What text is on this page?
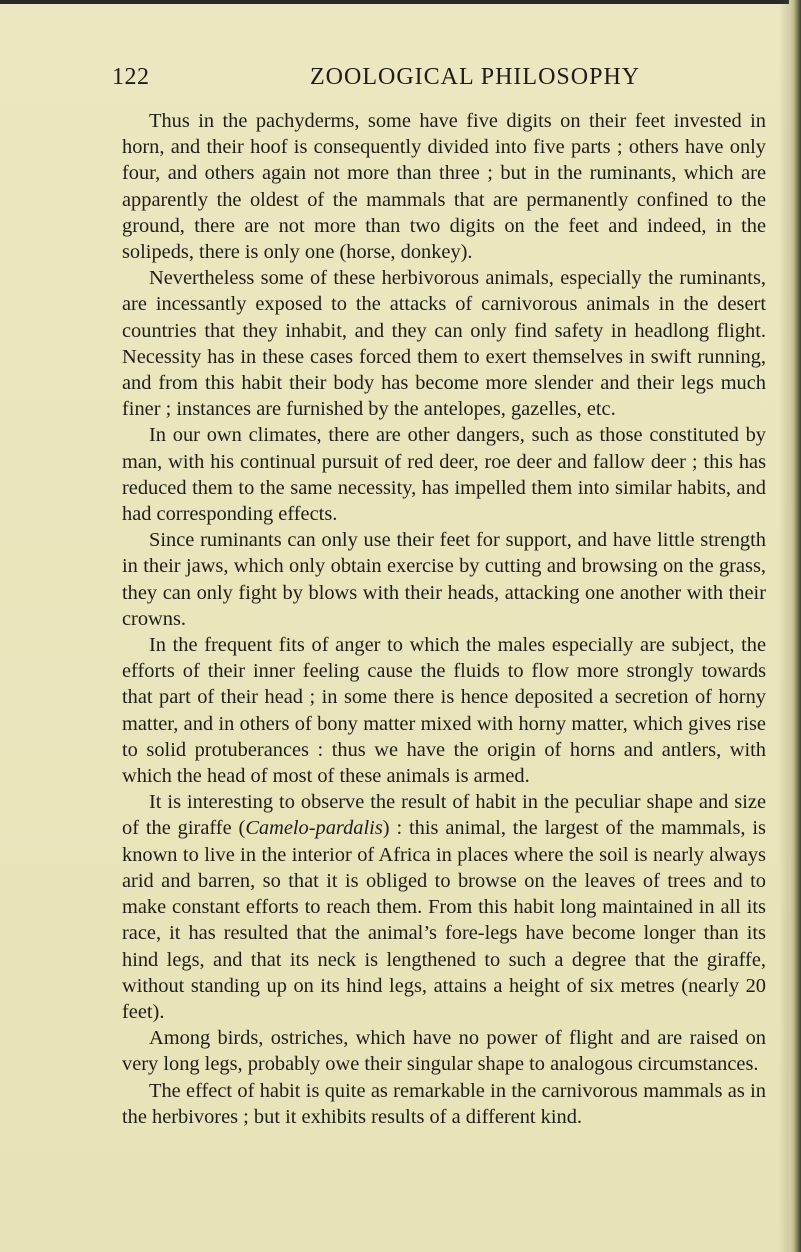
122	ZOOLOGICAL PHILOSOPHY

Thus in the pachyderms, some have five digits on their feet invested in horn, and their hoof is consequently divided into five parts ; others have only four, and others again not more than three ; but in the ruminants, which are apparently the oldest of the mammals that are permanently confined to the ground, there are not more than two digits on the feet and indeed, in the solipeds, there is only one (horse, donkey).

Nevertheless some of these herbivorous animals, especially the ruminants, are incessantly exposed to the attacks of carnivorous animals in the desert countries that they inhabit, and they can only find safety in headlong flight. Necessity has in these cases forced them to exert themselves in swift running, and from this habit their body has become more slender and their legs much finer ; instances are furnished by the antelopes, gazelles, etc.

In our own climates, there are other dangers, such as those constituted by man, with his continual pursuit of red deer, roe deer and fallow deer ; this has reduced them to the same necessity, has impelled them into similar habits, and had corresponding effects.

Since ruminants can only use their feet for support, and have little strength in their jaws, which only obtain exercise by cutting and browsing on the grass, they can only fight by blows with their heads, attacking one another with their crowns.

In the frequent fits of anger to which the males especially are subject, the efforts of their inner feeling cause the fluids to flow more strongly towards that part of their head ; in some there is hence deposited a secretion of horny matter, and in others of bony matter mixed with horny matter, which gives rise to solid protuberances : thus we have the origin of horns and antlers, with which the head of most of these animals is armed.

It is interesting to observe the result of habit in the peculiar shape and size of the giraffe (Camelo-pardalis) : this animal, the largest of the mammals, is known to live in the interior of Africa in places where the soil is nearly always arid and barren, so that it is obliged to browse on the leaves of trees and to make constant efforts to reach them. From this habit long maintained in all its race, it has resulted that the animal’s fore-legs have become longer than its hind legs, and that its neck is lengthened to such a degree that the giraffe, without standing up on its hind legs, attains a height of six metres (nearly 20 feet).

Among birds, ostriches, which have no power of flight and are raised on very long legs, probably owe their singular shape to analogous circumstances.

The effect of habit is quite as remarkable in the carnivorous mammals as in the herbivores ; but it exhibits results of a different kind.
